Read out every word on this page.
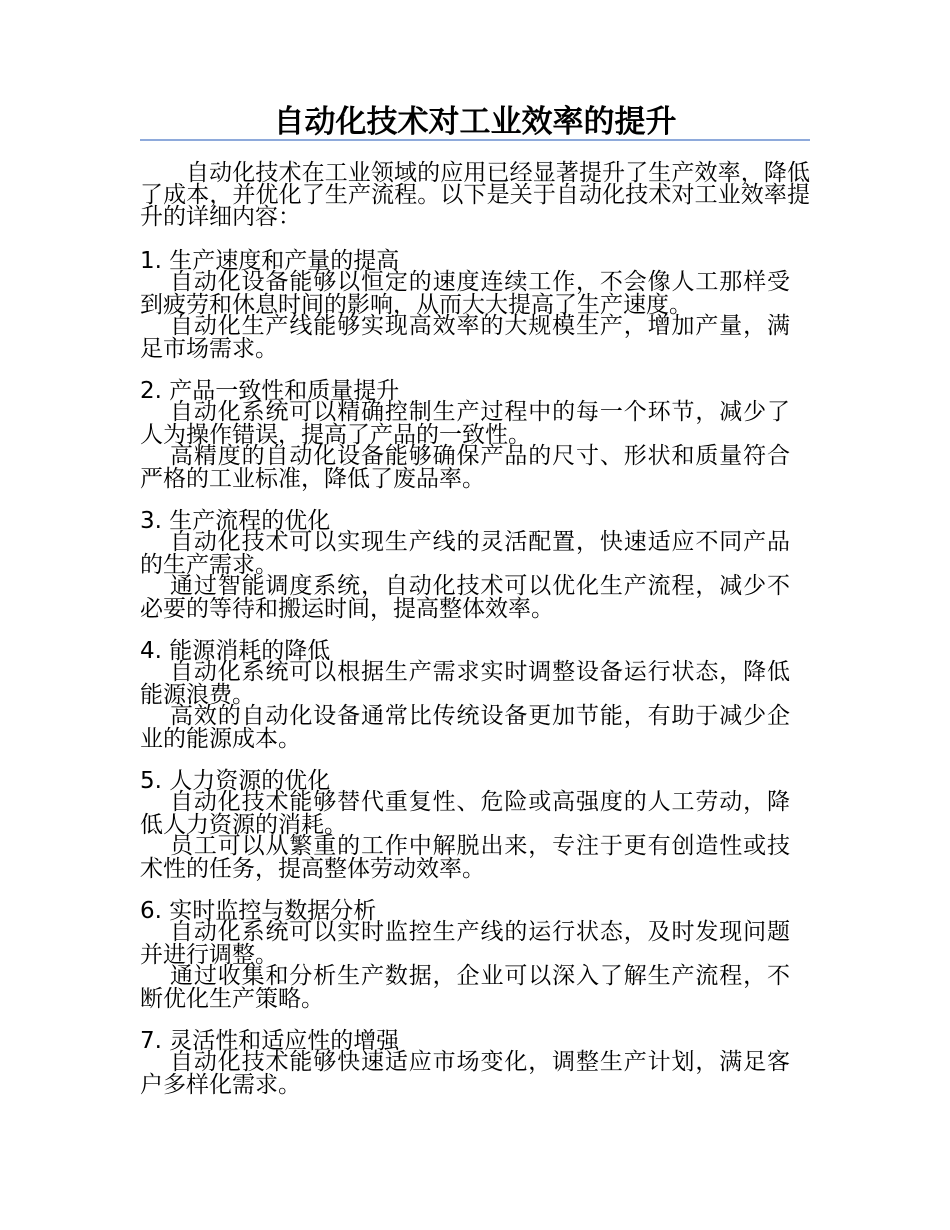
自动化技术对工业效率的提升
自动化技术在工业领域的应用已经显著提升了生产效率，降低了成本，并优化了生产流程。以下是关于自动化技术对工业效率提升的详细内容：
1. 生产速度和产量的提高
自动化设备能够以恒定的速度连续工作，不会像人工那样受到疲劳和休息时间的影响，从而大大提高了生产速度。
自动化生产线能够实现高效率的大规模生产，增加产量，满足市场需求。
2. 产品一致性和质量提升
自动化系统可以精确控制生产过程中的每一个环节，减少了人为操作错误，提高了产品的一致性。
高精度的自动化设备能够确保产品的尺寸、形状和质量符合严格的工业标准，降低了废品率。
3. 生产流程的优化
自动化技术可以实现生产线的灵活配置，快速适应不同产品的生产需求。
通过智能调度系统，自动化技术可以优化生产流程，减少不必要的等待和搬运时间，提高整体效率。
4. 能源消耗的降低
自动化系统可以根据生产需求实时调整设备运行状态，降低能源浪费。
高效的自动化设备通常比传统设备更加节能，有助于减少企业的能源成本。
5. 人力资源的优化
自动化技术能够替代重复性、危险或高强度的人工劳动，降低人力资源的消耗。
员工可以从繁重的工作中解脱出来，专注于更有创造性或技术性的任务，提高整体劳动效率。
6. 实时监控与数据分析
自动化系统可以实时监控生产线的运行状态，及时发现问题并进行调整。
通过收集和分析生产数据，企业可以深入了解生产流程，不断优化生产策略。
7. 灵活性和适应性的增强
自动化技术能够快速适应市场变化，调整生产计划，满足客户多样化需求。
